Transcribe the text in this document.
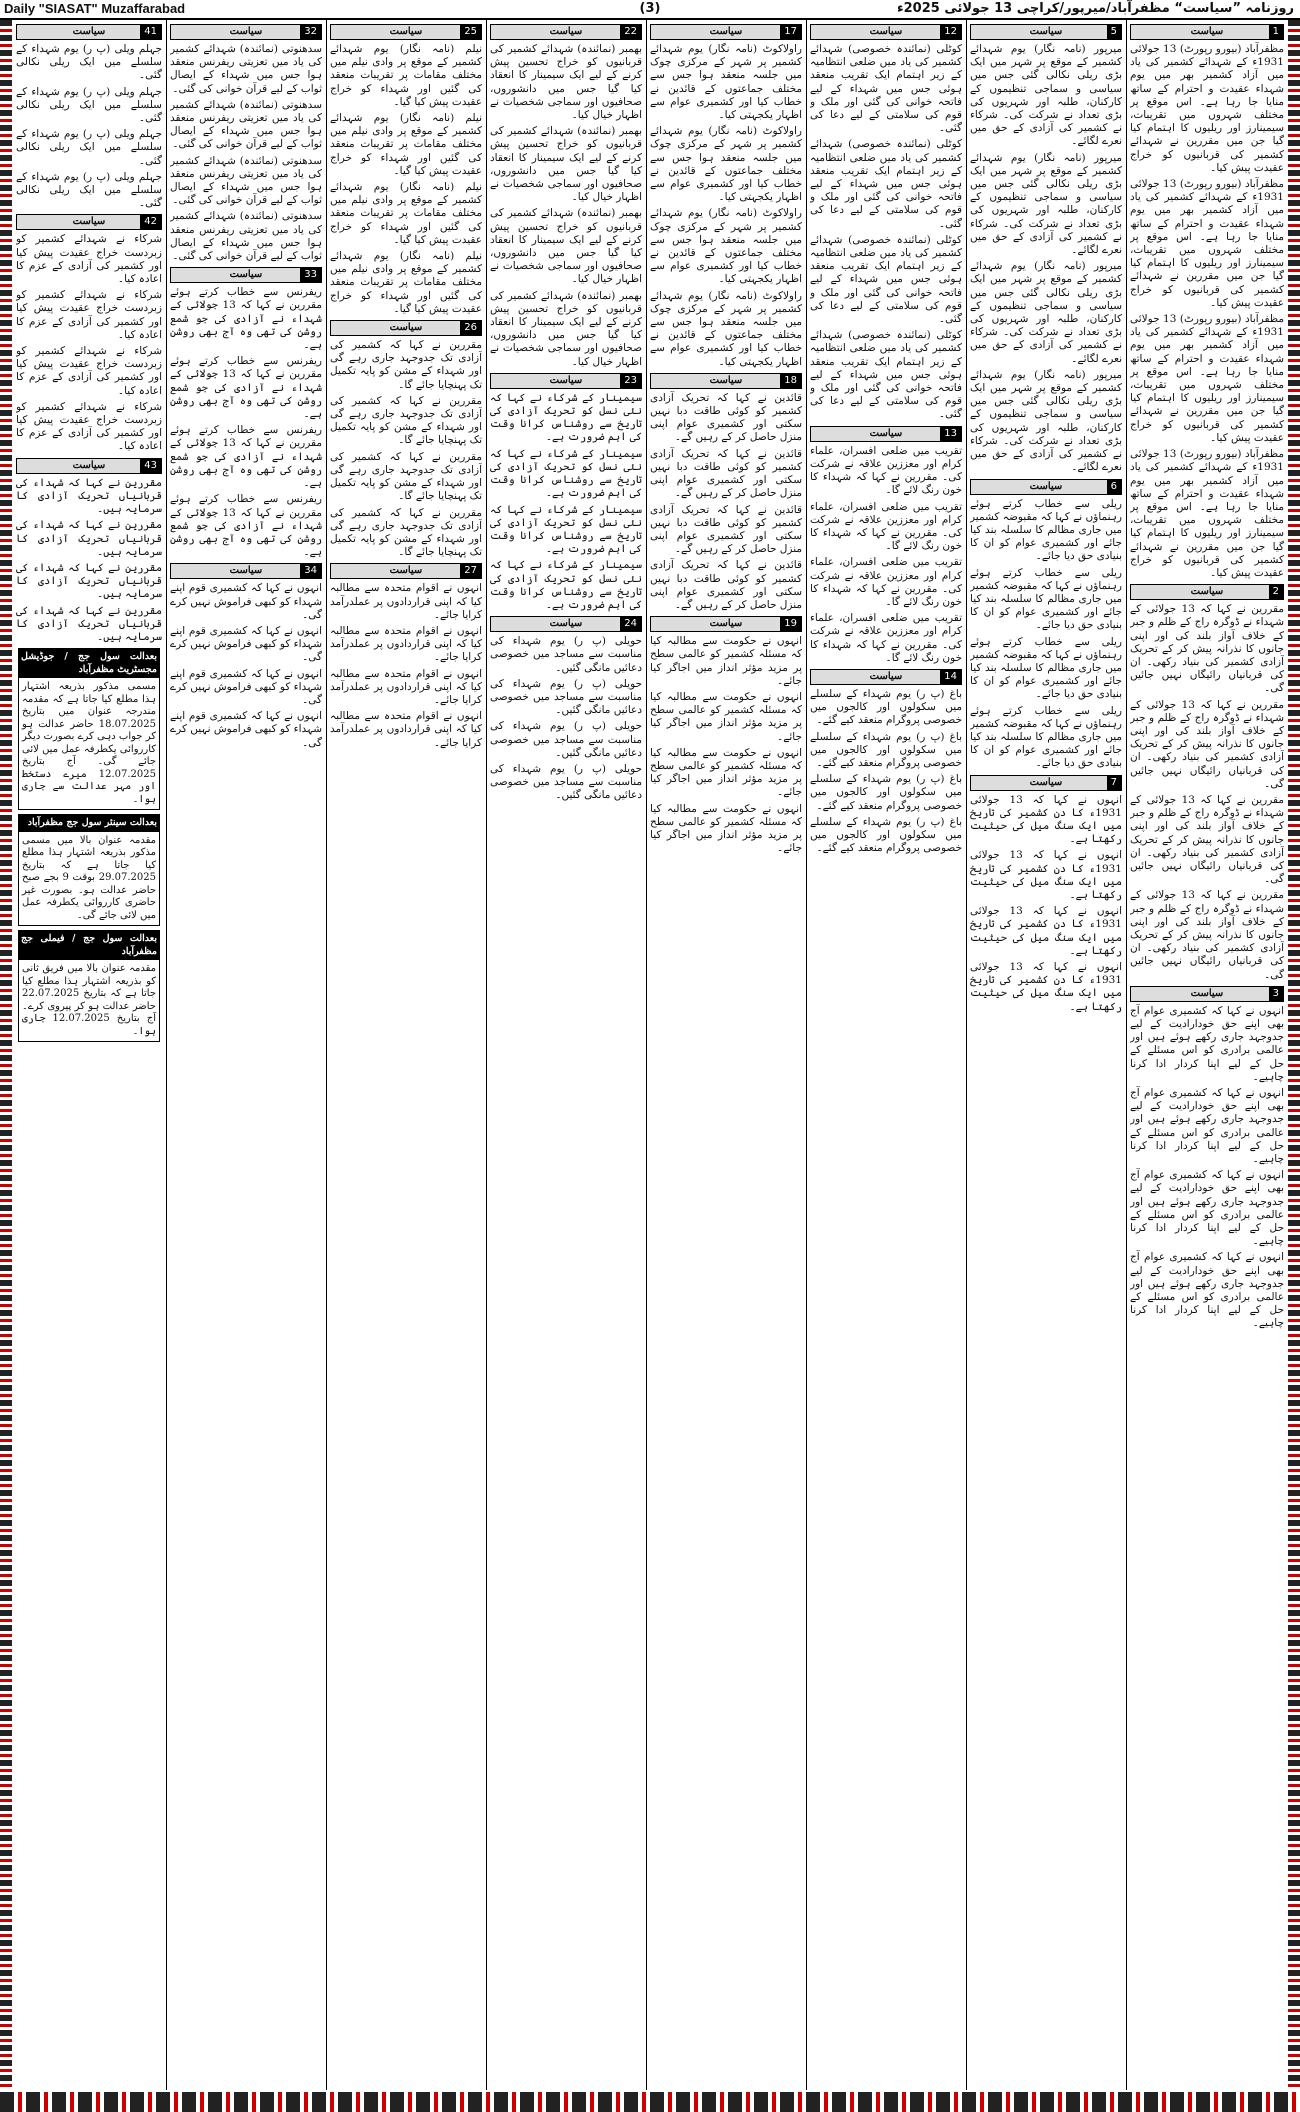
Daily "SIASAT" Muzaffarabad	(3)	روزنامہ ”سیاست“ مظفرآباد/میرپور/کراچی 13 جولائی 2025ء
1
سیاست

مظفرآباد (بیورو رپورٹ) 13 جولائی 1931ء کے شہدائے کشمیر کی یاد میں آزاد کشمیر بھر میں یوم شہداء عقیدت و احترام کے ساتھ منایا جا رہا ہے۔ اس موقع پر مختلف شہروں میں تقریبات، سیمینارز اور ریلیوں کا اہتمام کیا گیا جن میں مقررین نے شہدائے کشمیر کی قربانیوں کو خراج عقیدت پیش کیا۔

مظفرآباد (بیورو رپورٹ) 13 جولائی 1931ء کے شہدائے کشمیر کی یاد میں آزاد کشمیر بھر میں یوم شہداء عقیدت و احترام کے ساتھ منایا جا رہا ہے۔ اس موقع پر مختلف شہروں میں تقریبات، سیمینارز اور ریلیوں کا اہتمام کیا گیا جن میں مقررین نے شہدائے کشمیر کی قربانیوں کو خراج عقیدت پیش کیا۔

مظفرآباد (بیورو رپورٹ) 13 جولائی 1931ء کے شہدائے کشمیر کی یاد میں آزاد کشمیر بھر میں یوم شہداء عقیدت و احترام کے ساتھ منایا جا رہا ہے۔ اس موقع پر مختلف شہروں میں تقریبات، سیمینارز اور ریلیوں کا اہتمام کیا گیا جن میں مقررین نے شہدائے کشمیر کی قربانیوں کو خراج عقیدت پیش کیا۔

مظفرآباد (بیورو رپورٹ) 13 جولائی 1931ء کے شہدائے کشمیر کی یاد میں آزاد کشمیر بھر میں یوم شہداء عقیدت و احترام کے ساتھ منایا جا رہا ہے۔ اس موقع پر مختلف شہروں میں تقریبات، سیمینارز اور ریلیوں کا اہتمام کیا گیا جن میں مقررین نے شہدائے کشمیر کی قربانیوں کو خراج عقیدت پیش کیا۔

2
سیاست

مقررین نے کہا کہ 13 جولائی کے شہداء نے ڈوگرہ راج کے ظلم و جبر کے خلاف آواز بلند کی اور اپنی جانوں کا نذرانہ پیش کر کے تحریک آزادی کشمیر کی بنیاد رکھی۔ ان کی قربانیاں رائیگاں نہیں جائیں گی۔

مقررین نے کہا کہ 13 جولائی کے شہداء نے ڈوگرہ راج کے ظلم و جبر کے خلاف آواز بلند کی اور اپنی جانوں کا نذرانہ پیش کر کے تحریک آزادی کشمیر کی بنیاد رکھی۔ ان کی قربانیاں رائیگاں نہیں جائیں گی۔

مقررین نے کہا کہ 13 جولائی کے شہداء نے ڈوگرہ راج کے ظلم و جبر کے خلاف آواز بلند کی اور اپنی جانوں کا نذرانہ پیش کر کے تحریک آزادی کشمیر کی بنیاد رکھی۔ ان کی قربانیاں رائیگاں نہیں جائیں گی۔

مقررین نے کہا کہ 13 جولائی کے شہداء نے ڈوگرہ راج کے ظلم و جبر کے خلاف آواز بلند کی اور اپنی جانوں کا نذرانہ پیش کر کے تحریک آزادی کشمیر کی بنیاد رکھی۔ ان کی قربانیاں رائیگاں نہیں جائیں گی۔

3
سیاست

انہوں نے کہا کہ کشمیری عوام آج بھی اپنے حق خودارادیت کے لیے جدوجہد جاری رکھے ہوئے ہیں اور عالمی برادری کو اس مسئلے کے حل کے لیے اپنا کردار ادا کرنا چاہیے۔

انہوں نے کہا کہ کشمیری عوام آج بھی اپنے حق خودارادیت کے لیے جدوجہد جاری رکھے ہوئے ہیں اور عالمی برادری کو اس مسئلے کے حل کے لیے اپنا کردار ادا کرنا چاہیے۔

انہوں نے کہا کہ کشمیری عوام آج بھی اپنے حق خودارادیت کے لیے جدوجہد جاری رکھے ہوئے ہیں اور عالمی برادری کو اس مسئلے کے حل کے لیے اپنا کردار ادا کرنا چاہیے۔

انہوں نے کہا کہ کشمیری عوام آج بھی اپنے حق خودارادیت کے لیے جدوجہد جاری رکھے ہوئے ہیں اور عالمی برادری کو اس مسئلے کے حل کے لیے اپنا کردار ادا کرنا چاہیے۔

5
سیاست

میرپور (نامہ نگار) یوم شہدائے کشمیر کے موقع پر شہر میں ایک بڑی ریلی نکالی گئی جس میں سیاسی و سماجی تنظیموں کے کارکنان، طلبہ اور شہریوں کی بڑی تعداد نے شرکت کی۔ شرکاء نے کشمیر کی آزادی کے حق میں نعرے لگائے۔

میرپور (نامہ نگار) یوم شہدائے کشمیر کے موقع پر شہر میں ایک بڑی ریلی نکالی گئی جس میں سیاسی و سماجی تنظیموں کے کارکنان، طلبہ اور شہریوں کی بڑی تعداد نے شرکت کی۔ شرکاء نے کشمیر کی آزادی کے حق میں نعرے لگائے۔

میرپور (نامہ نگار) یوم شہدائے کشمیر کے موقع پر شہر میں ایک بڑی ریلی نکالی گئی جس میں سیاسی و سماجی تنظیموں کے کارکنان، طلبہ اور شہریوں کی بڑی تعداد نے شرکت کی۔ شرکاء نے کشمیر کی آزادی کے حق میں نعرے لگائے۔

میرپور (نامہ نگار) یوم شہدائے کشمیر کے موقع پر شہر میں ایک بڑی ریلی نکالی گئی جس میں سیاسی و سماجی تنظیموں کے کارکنان، طلبہ اور شہریوں کی بڑی تعداد نے شرکت کی۔ شرکاء نے کشمیر کی آزادی کے حق میں نعرے لگائے۔

6
سیاست

ریلی سے خطاب کرتے ہوئے رہنماؤں نے کہا کہ مقبوضہ کشمیر میں جاری مظالم کا سلسلہ بند کیا جائے اور کشمیری عوام کو ان کا بنیادی حق دیا جائے۔

ریلی سے خطاب کرتے ہوئے رہنماؤں نے کہا کہ مقبوضہ کشمیر میں جاری مظالم کا سلسلہ بند کیا جائے اور کشمیری عوام کو ان کا بنیادی حق دیا جائے۔

ریلی سے خطاب کرتے ہوئے رہنماؤں نے کہا کہ مقبوضہ کشمیر میں جاری مظالم کا سلسلہ بند کیا جائے اور کشمیری عوام کو ان کا بنیادی حق دیا جائے۔

ریلی سے خطاب کرتے ہوئے رہنماؤں نے کہا کہ مقبوضہ کشمیر میں جاری مظالم کا سلسلہ بند کیا جائے اور کشمیری عوام کو ان کا بنیادی حق دیا جائے۔

7
سیاست

انہوں نے کہا کہ 13 جولائی 1931ء کا دن کشمیر کی تاریخ میں ایک سنگ میل کی حیثیت رکھتا ہے۔

انہوں نے کہا کہ 13 جولائی 1931ء کا دن کشمیر کی تاریخ میں ایک سنگ میل کی حیثیت رکھتا ہے۔

انہوں نے کہا کہ 13 جولائی 1931ء کا دن کشمیر کی تاریخ میں ایک سنگ میل کی حیثیت رکھتا ہے۔

انہوں نے کہا کہ 13 جولائی 1931ء کا دن کشمیر کی تاریخ میں ایک سنگ میل کی حیثیت رکھتا ہے۔

12
سیاست

کوٹلی (نمائندہ خصوصی) شہدائے کشمیر کی یاد میں ضلعی انتظامیہ کے زیر اہتمام ایک تقریب منعقد ہوئی جس میں شہداء کے لیے فاتحہ خوانی کی گئی اور ملک و قوم کی سلامتی کے لیے دعا کی گئی۔

کوٹلی (نمائندہ خصوصی) شہدائے کشمیر کی یاد میں ضلعی انتظامیہ کے زیر اہتمام ایک تقریب منعقد ہوئی جس میں شہداء کے لیے فاتحہ خوانی کی گئی اور ملک و قوم کی سلامتی کے لیے دعا کی گئی۔

کوٹلی (نمائندہ خصوصی) شہدائے کشمیر کی یاد میں ضلعی انتظامیہ کے زیر اہتمام ایک تقریب منعقد ہوئی جس میں شہداء کے لیے فاتحہ خوانی کی گئی اور ملک و قوم کی سلامتی کے لیے دعا کی گئی۔

کوٹلی (نمائندہ خصوصی) شہدائے کشمیر کی یاد میں ضلعی انتظامیہ کے زیر اہتمام ایک تقریب منعقد ہوئی جس میں شہداء کے لیے فاتحہ خوانی کی گئی اور ملک و قوم کی سلامتی کے لیے دعا کی گئی۔

13
سیاست

تقریب میں ضلعی افسران، علماء کرام اور معززین علاقہ نے شرکت کی۔ مقررین نے کہا کہ شہداء کا خون رنگ لائے گا۔

تقریب میں ضلعی افسران، علماء کرام اور معززین علاقہ نے شرکت کی۔ مقررین نے کہا کہ شہداء کا خون رنگ لائے گا۔

تقریب میں ضلعی افسران، علماء کرام اور معززین علاقہ نے شرکت کی۔ مقررین نے کہا کہ شہداء کا خون رنگ لائے گا۔

تقریب میں ضلعی افسران، علماء کرام اور معززین علاقہ نے شرکت کی۔ مقررین نے کہا کہ شہداء کا خون رنگ لائے گا۔

14
سیاست

باغ (پ ر) یوم شہداء کے سلسلے میں سکولوں اور کالجوں میں خصوصی پروگرام منعقد کیے گئے۔

باغ (پ ر) یوم شہداء کے سلسلے میں سکولوں اور کالجوں میں خصوصی پروگرام منعقد کیے گئے۔

باغ (پ ر) یوم شہداء کے سلسلے میں سکولوں اور کالجوں میں خصوصی پروگرام منعقد کیے گئے۔

باغ (پ ر) یوم شہداء کے سلسلے میں سکولوں اور کالجوں میں خصوصی پروگرام منعقد کیے گئے۔

17
سیاست

راولاکوٹ (نامہ نگار) یوم شہدائے کشمیر پر شہر کے مرکزی چوک میں جلسہ منعقد ہوا جس سے مختلف جماعتوں کے قائدین نے خطاب کیا اور کشمیری عوام سے اظہار یکجہتی کیا۔

راولاکوٹ (نامہ نگار) یوم شہدائے کشمیر پر شہر کے مرکزی چوک میں جلسہ منعقد ہوا جس سے مختلف جماعتوں کے قائدین نے خطاب کیا اور کشمیری عوام سے اظہار یکجہتی کیا۔

راولاکوٹ (نامہ نگار) یوم شہدائے کشمیر پر شہر کے مرکزی چوک میں جلسہ منعقد ہوا جس سے مختلف جماعتوں کے قائدین نے خطاب کیا اور کشمیری عوام سے اظہار یکجہتی کیا۔

راولاکوٹ (نامہ نگار) یوم شہدائے کشمیر پر شہر کے مرکزی چوک میں جلسہ منعقد ہوا جس سے مختلف جماعتوں کے قائدین نے خطاب کیا اور کشمیری عوام سے اظہار یکجہتی کیا۔

18
سیاست

قائدین نے کہا کہ تحریک آزادی کشمیر کو کوئی طاقت دبا نہیں سکتی اور کشمیری عوام اپنی منزل حاصل کر کے رہیں گے۔

قائدین نے کہا کہ تحریک آزادی کشمیر کو کوئی طاقت دبا نہیں سکتی اور کشمیری عوام اپنی منزل حاصل کر کے رہیں گے۔

قائدین نے کہا کہ تحریک آزادی کشمیر کو کوئی طاقت دبا نہیں سکتی اور کشمیری عوام اپنی منزل حاصل کر کے رہیں گے۔

قائدین نے کہا کہ تحریک آزادی کشمیر کو کوئی طاقت دبا نہیں سکتی اور کشمیری عوام اپنی منزل حاصل کر کے رہیں گے۔

19
سیاست

انہوں نے حکومت سے مطالبہ کیا کہ مسئلہ کشمیر کو عالمی سطح پر مزید مؤثر انداز میں اجاگر کیا جائے۔

انہوں نے حکومت سے مطالبہ کیا کہ مسئلہ کشمیر کو عالمی سطح پر مزید مؤثر انداز میں اجاگر کیا جائے۔

انہوں نے حکومت سے مطالبہ کیا کہ مسئلہ کشمیر کو عالمی سطح پر مزید مؤثر انداز میں اجاگر کیا جائے۔

انہوں نے حکومت سے مطالبہ کیا کہ مسئلہ کشمیر کو عالمی سطح پر مزید مؤثر انداز میں اجاگر کیا جائے۔

22
سیاست

بھمبر (نمائندہ) شہدائے کشمیر کی قربانیوں کو خراج تحسین پیش کرنے کے لیے ایک سیمینار کا انعقاد کیا گیا جس میں دانشوروں، صحافیوں اور سماجی شخصیات نے اظہار خیال کیا۔

بھمبر (نمائندہ) شہدائے کشمیر کی قربانیوں کو خراج تحسین پیش کرنے کے لیے ایک سیمینار کا انعقاد کیا گیا جس میں دانشوروں، صحافیوں اور سماجی شخصیات نے اظہار خیال کیا۔

بھمبر (نمائندہ) شہدائے کشمیر کی قربانیوں کو خراج تحسین پیش کرنے کے لیے ایک سیمینار کا انعقاد کیا گیا جس میں دانشوروں، صحافیوں اور سماجی شخصیات نے اظہار خیال کیا۔

بھمبر (نمائندہ) شہدائے کشمیر کی قربانیوں کو خراج تحسین پیش کرنے کے لیے ایک سیمینار کا انعقاد کیا گیا جس میں دانشوروں، صحافیوں اور سماجی شخصیات نے اظہار خیال کیا۔

23
سیاست

سیمینار کے شرکاء نے کہا کہ نئی نسل کو تحریک آزادی کی تاریخ سے روشناس کرانا وقت کی اہم ضرورت ہے۔

سیمینار کے شرکاء نے کہا کہ نئی نسل کو تحریک آزادی کی تاریخ سے روشناس کرانا وقت کی اہم ضرورت ہے۔

سیمینار کے شرکاء نے کہا کہ نئی نسل کو تحریک آزادی کی تاریخ سے روشناس کرانا وقت کی اہم ضرورت ہے۔

سیمینار کے شرکاء نے کہا کہ نئی نسل کو تحریک آزادی کی تاریخ سے روشناس کرانا وقت کی اہم ضرورت ہے۔

24
سیاست

حویلی (پ ر) یوم شہداء کی مناسبت سے مساجد میں خصوصی دعائیں مانگی گئیں۔

حویلی (پ ر) یوم شہداء کی مناسبت سے مساجد میں خصوصی دعائیں مانگی گئیں۔

حویلی (پ ر) یوم شہداء کی مناسبت سے مساجد میں خصوصی دعائیں مانگی گئیں۔

حویلی (پ ر) یوم شہداء کی مناسبت سے مساجد میں خصوصی دعائیں مانگی گئیں۔

25
سیاست

نیلم (نامہ نگار) یوم شہدائے کشمیر کے موقع پر وادی نیلم میں مختلف مقامات پر تقریبات منعقد کی گئیں اور شہداء کو خراج عقیدت پیش کیا گیا۔

نیلم (نامہ نگار) یوم شہدائے کشمیر کے موقع پر وادی نیلم میں مختلف مقامات پر تقریبات منعقد کی گئیں اور شہداء کو خراج عقیدت پیش کیا گیا۔

نیلم (نامہ نگار) یوم شہدائے کشمیر کے موقع پر وادی نیلم میں مختلف مقامات پر تقریبات منعقد کی گئیں اور شہداء کو خراج عقیدت پیش کیا گیا۔

نیلم (نامہ نگار) یوم شہدائے کشمیر کے موقع پر وادی نیلم میں مختلف مقامات پر تقریبات منعقد کی گئیں اور شہداء کو خراج عقیدت پیش کیا گیا۔

26
سیاست

مقررین نے کہا کہ کشمیر کی آزادی تک جدوجہد جاری رہے گی اور شہداء کے مشن کو پایہ تکمیل تک پہنچایا جائے گا۔

مقررین نے کہا کہ کشمیر کی آزادی تک جدوجہد جاری رہے گی اور شہداء کے مشن کو پایہ تکمیل تک پہنچایا جائے گا۔

مقررین نے کہا کہ کشمیر کی آزادی تک جدوجہد جاری رہے گی اور شہداء کے مشن کو پایہ تکمیل تک پہنچایا جائے گا۔

مقررین نے کہا کہ کشمیر کی آزادی تک جدوجہد جاری رہے گی اور شہداء کے مشن کو پایہ تکمیل تک پہنچایا جائے گا۔

27
سیاست

انہوں نے اقوام متحدہ سے مطالبہ کیا کہ اپنی قراردادوں پر عملدرآمد کرایا جائے۔

انہوں نے اقوام متحدہ سے مطالبہ کیا کہ اپنی قراردادوں پر عملدرآمد کرایا جائے۔

انہوں نے اقوام متحدہ سے مطالبہ کیا کہ اپنی قراردادوں پر عملدرآمد کرایا جائے۔

انہوں نے اقوام متحدہ سے مطالبہ کیا کہ اپنی قراردادوں پر عملدرآمد کرایا جائے۔

32
سیاست

سدھنوتی (نمائندہ) شہدائے کشمیر کی یاد میں تعزیتی ریفرنس منعقد ہوا جس میں شہداء کے ایصال ثواب کے لیے قرآن خوانی کی گئی۔

سدھنوتی (نمائندہ) شہدائے کشمیر کی یاد میں تعزیتی ریفرنس منعقد ہوا جس میں شہداء کے ایصال ثواب کے لیے قرآن خوانی کی گئی۔

سدھنوتی (نمائندہ) شہدائے کشمیر کی یاد میں تعزیتی ریفرنس منعقد ہوا جس میں شہداء کے ایصال ثواب کے لیے قرآن خوانی کی گئی۔

سدھنوتی (نمائندہ) شہدائے کشمیر کی یاد میں تعزیتی ریفرنس منعقد ہوا جس میں شہداء کے ایصال ثواب کے لیے قرآن خوانی کی گئی۔

33
سیاست

ریفرنس سے خطاب کرتے ہوئے مقررین نے کہا کہ 13 جولائی کے شہداء نے آزادی کی جو شمع روشن کی تھی وہ آج بھی روشن ہے۔

ریفرنس سے خطاب کرتے ہوئے مقررین نے کہا کہ 13 جولائی کے شہداء نے آزادی کی جو شمع روشن کی تھی وہ آج بھی روشن ہے۔

ریفرنس سے خطاب کرتے ہوئے مقررین نے کہا کہ 13 جولائی کے شہداء نے آزادی کی جو شمع روشن کی تھی وہ آج بھی روشن ہے۔

ریفرنس سے خطاب کرتے ہوئے مقررین نے کہا کہ 13 جولائی کے شہداء نے آزادی کی جو شمع روشن کی تھی وہ آج بھی روشن ہے۔

34
سیاست

انہوں نے کہا کہ کشمیری قوم اپنے شہداء کو کبھی فراموش نہیں کرے گی۔

انہوں نے کہا کہ کشمیری قوم اپنے شہداء کو کبھی فراموش نہیں کرے گی۔

انہوں نے کہا کہ کشمیری قوم اپنے شہداء کو کبھی فراموش نہیں کرے گی۔

انہوں نے کہا کہ کشمیری قوم اپنے شہداء کو کبھی فراموش نہیں کرے گی۔

41
سیاست

جہلم ویلی (پ ر) یوم شہداء کے سلسلے میں ایک ریلی نکالی گئی۔

جہلم ویلی (پ ر) یوم شہداء کے سلسلے میں ایک ریلی نکالی گئی۔

جہلم ویلی (پ ر) یوم شہداء کے سلسلے میں ایک ریلی نکالی گئی۔

جہلم ویلی (پ ر) یوم شہداء کے سلسلے میں ایک ریلی نکالی گئی۔

42
سیاست

شرکاء نے شہدائے کشمیر کو زبردست خراج عقیدت پیش کیا اور کشمیر کی آزادی کے عزم کا اعادہ کیا۔

شرکاء نے شہدائے کشمیر کو زبردست خراج عقیدت پیش کیا اور کشمیر کی آزادی کے عزم کا اعادہ کیا۔

شرکاء نے شہدائے کشمیر کو زبردست خراج عقیدت پیش کیا اور کشمیر کی آزادی کے عزم کا اعادہ کیا۔

شرکاء نے شہدائے کشمیر کو زبردست خراج عقیدت پیش کیا اور کشمیر کی آزادی کے عزم کا اعادہ کیا۔

43
سیاست

مقررین نے کہا کہ شہداء کی قربانیاں تحریک آزادی کا سرمایہ ہیں۔

مقررین نے کہا کہ شہداء کی قربانیاں تحریک آزادی کا سرمایہ ہیں۔

مقررین نے کہا کہ شہداء کی قربانیاں تحریک آزادی کا سرمایہ ہیں۔

مقررین نے کہا کہ شہداء کی قربانیاں تحریک آزادی کا سرمایہ ہیں۔

بعدالت سول جج / جوڈیشل مجسٹریٹ مظفرآباد
مسمی مذکور بذریعہ اشتہار ہذا مطلع کیا جاتا ہے کہ مقدمہ مندرجہ عنوان میں بتاریخ 18.07.2025 حاضر عدالت ہو کر جواب دہی کرے بصورت دیگر کارروائی یکطرفہ عمل میں لائی جائے گی۔ آج بتاریخ 12.07.2025 میرے دستخط اور مہر عدالت سے جاری ہوا۔
بعدالت سینئر سول جج مظفرآباد
مقدمہ عنوان بالا میں مسمی مذکور بذریعہ اشتہار ہذا مطلع کیا جاتا ہے کہ بتاریخ 29.07.2025 بوقت 9 بجے صبح حاضر عدالت ہو۔ بصورت غیر حاضری کارروائی یکطرفہ عمل میں لائی جائے گی۔
بعدالت سول جج / فیملی جج مظفرآباد
مقدمہ عنوان بالا میں فریق ثانی کو بذریعہ اشتہار ہذا مطلع کیا جاتا ہے کہ بتاریخ 22.07.2025 حاضر عدالت ہو کر پیروی کرے۔ آج بتاریخ 12.07.2025 جاری ہوا۔
